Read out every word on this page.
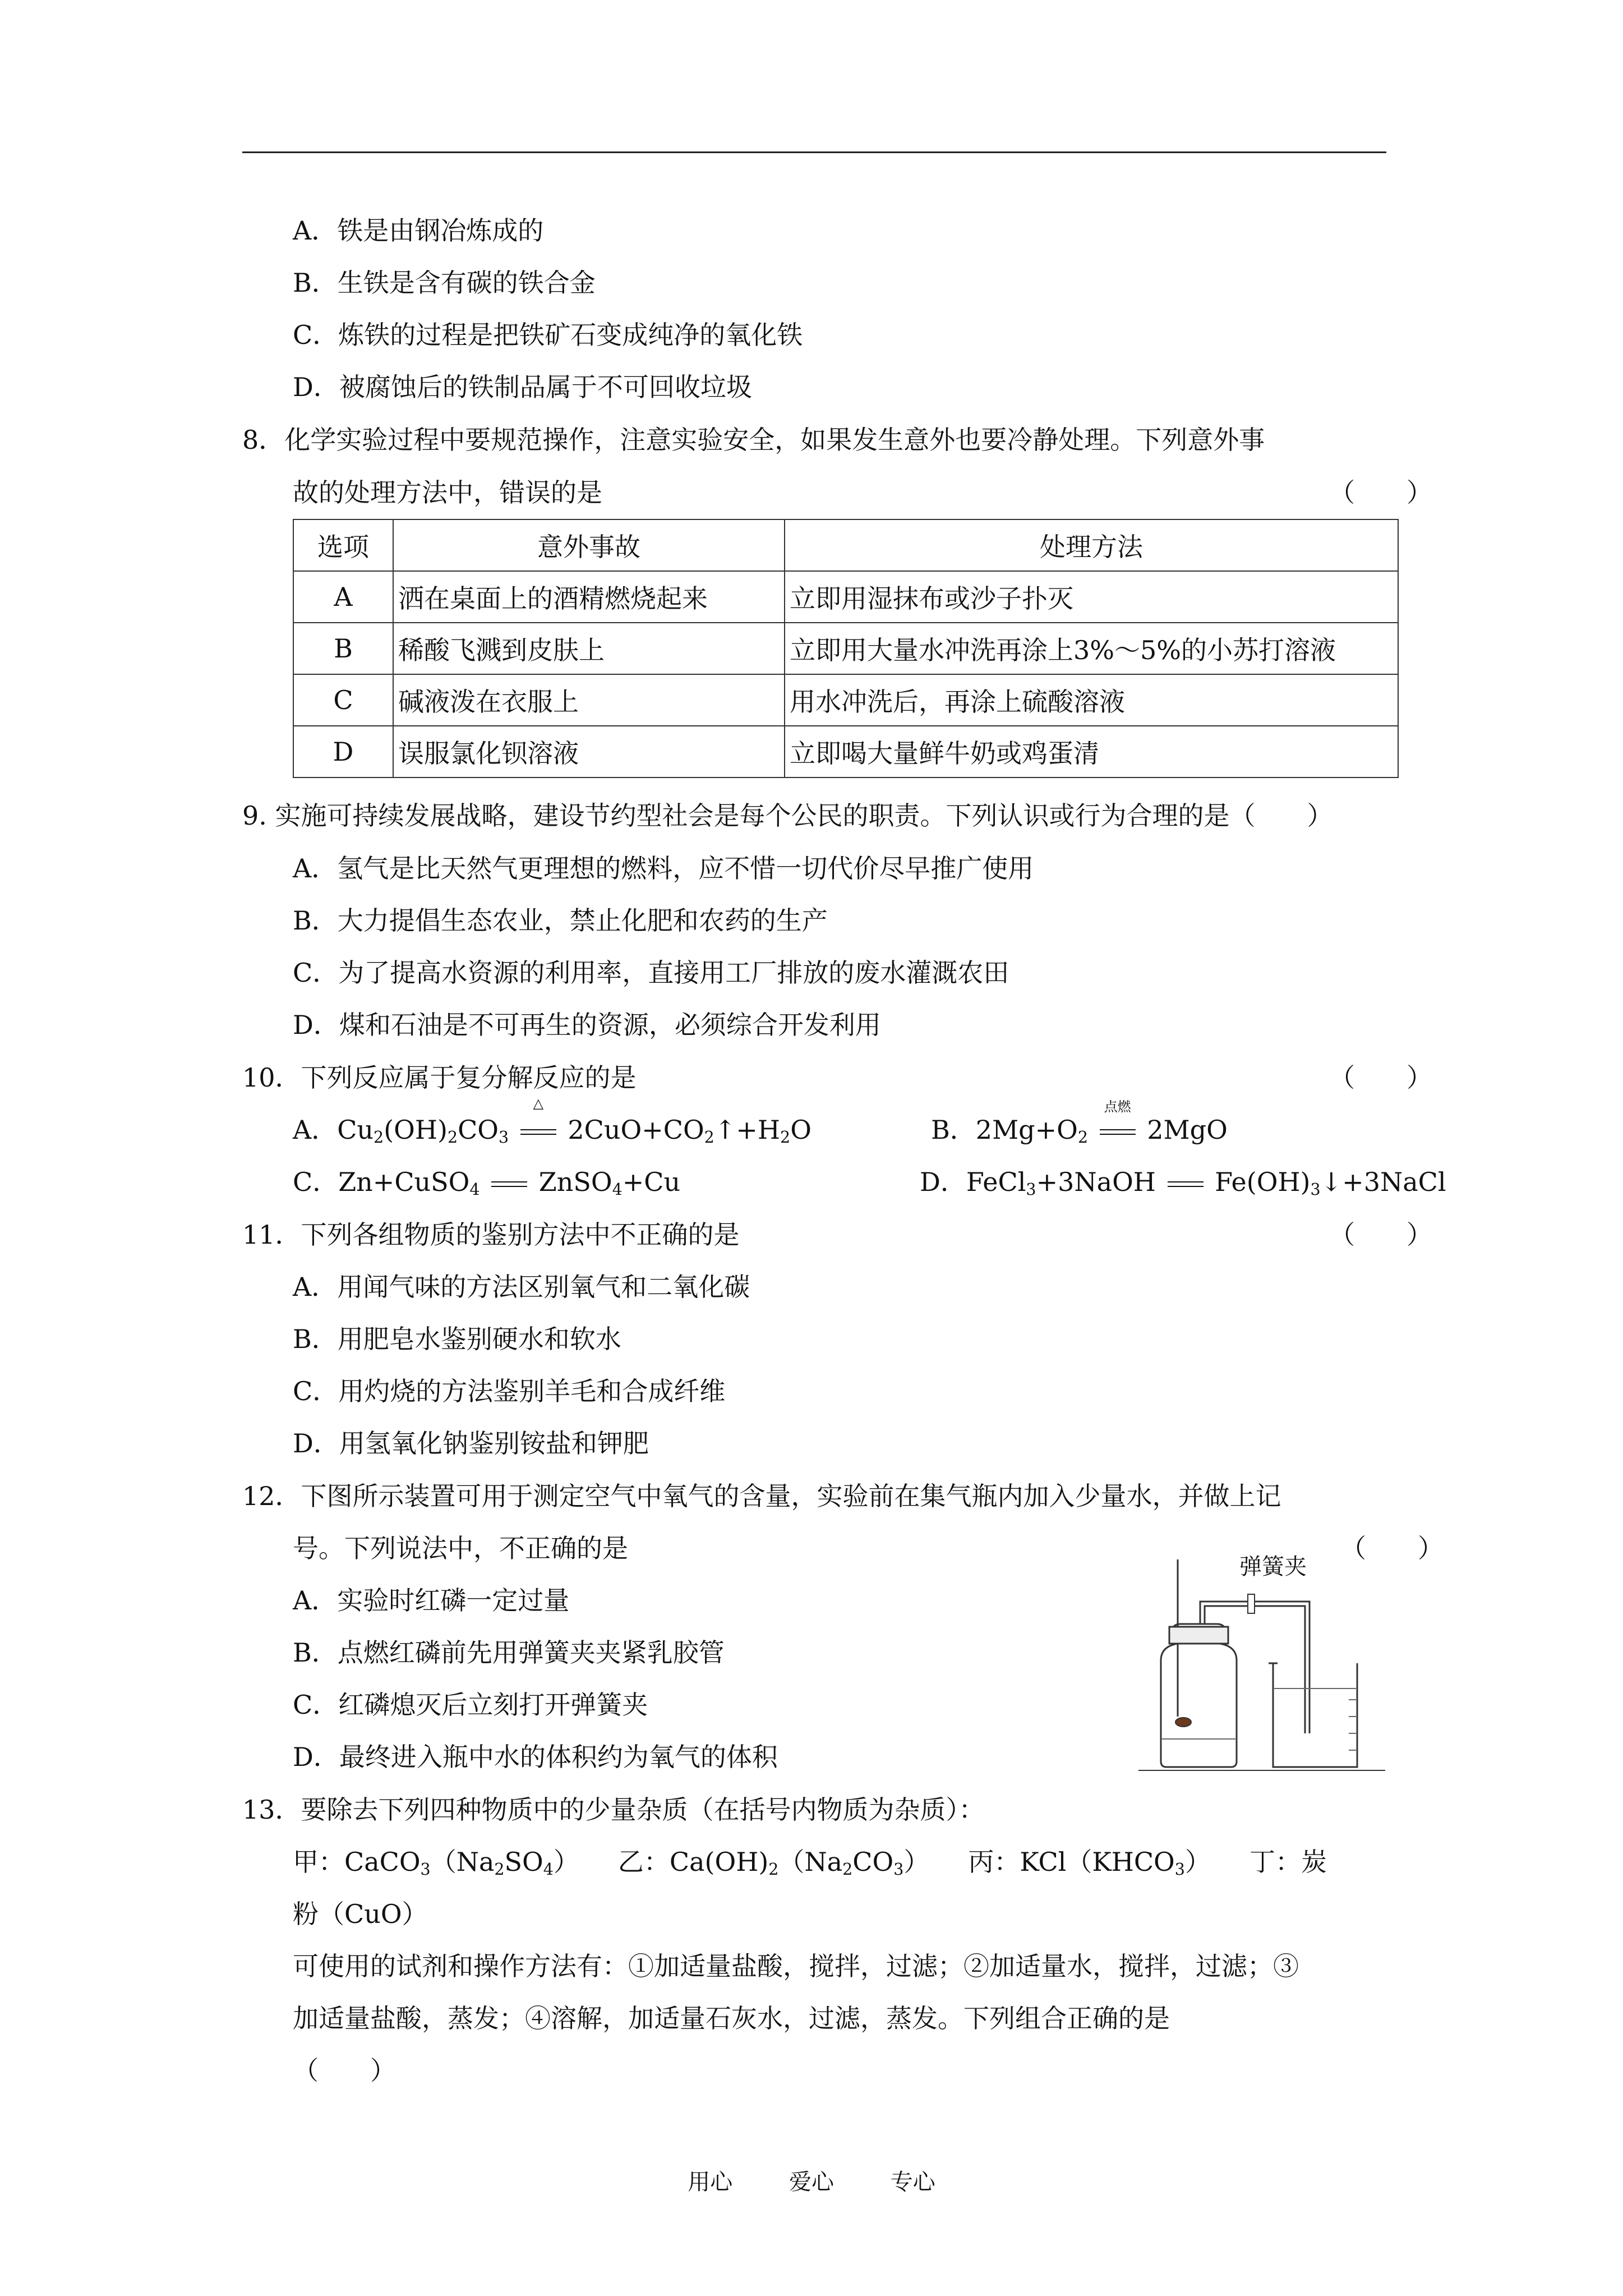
A．铁是由钢冶炼成的
B．生铁是含有碳的铁合金
C．炼铁的过程是把铁矿石变成纯净的氧化铁
D．被腐蚀后的铁制品属于不可回收垃圾
8．化学实验过程中要规范操作，注意实验安全，如果发生意外也要冷静处理。下列意外事
故的处理方法中，错误的是	（　　）
选项	意外事故	处理方法
A	洒在桌面上的酒精燃烧起来	立即用湿抹布或沙子扑灭
B	稀酸飞溅到皮肤上	立即用大量水冲洗再涂上3%～5%的小苏打溶液
C	碱液泼在衣服上	用水冲洗后，再涂上硫酸溶液
D	误服氯化钡溶液	立即喝大量鲜牛奶或鸡蛋清
9. 实施可持续发展战略，建设节约型社会是每个公民的职责。下列认识或行为合理的是（　　）
A．氢气是比天然气更理想的燃料，应不惜一切代价尽早推广使用
B．大力提倡生态农业，禁止化肥和农药的生产
C．为了提高水资源的利用率，直接用工厂排放的废水灌溉农田
D．煤和石油是不可再生的资源，必须综合开发利用
10．下列反应属于复分解反应的是	（　　）
A．$Cu_2(OH)_2CO_3$
△
$2CuO+CO_2↑+H_2O$	B．$2Mg+O_2$
点燃
2MgO
C．Zn+CuSO$_4$  ZnSO$_4$+Cu	D．FeCl$_3$+3NaOH  $Fe(OH)_3↓+3NaCl$
11．下列各组物质的鉴别方法中不正确的是	（　　）
A．用闻气味的方法区别氧气和二氧化碳
B．用肥皂水鉴别硬水和软水
C．用灼烧的方法鉴别羊毛和合成纤维
D．用氢氧化钠鉴别铵盐和钾肥
12．下图所示装置可用于测定空气中氧气的含量，实验前在集气瓶内加入少量水，并做上记
号。下列说法中，不正确的是	（　　）
A．实验时红磷一定过量
B．点燃红磷前先用弹簧夹夹紧乳胶管
C．红磷熄灭后立刻打开弹簧夹
D．最终进入瓶中水的体积约为氧气的体积
弹簧夹
13．要除去下列四种物质中的少量杂质（在括号内物质为杂质）：
甲：$CaCO_3(Na_2SO_4)$　　乙：$Ca(OH)_2(Na_2CO_3)$　　丙：$KCl(KHCO_3)$　　丁：炭
粉（CuO）
可使用的试剂和操作方法有：①加适量盐酸，搅拌，过滤；②加适量水，搅拌，过滤；③
加适量盐酸，蒸发；④溶解，加适量石灰水，过滤，蒸发。下列组合正确的是
（　　）
用心	爱心	专心
